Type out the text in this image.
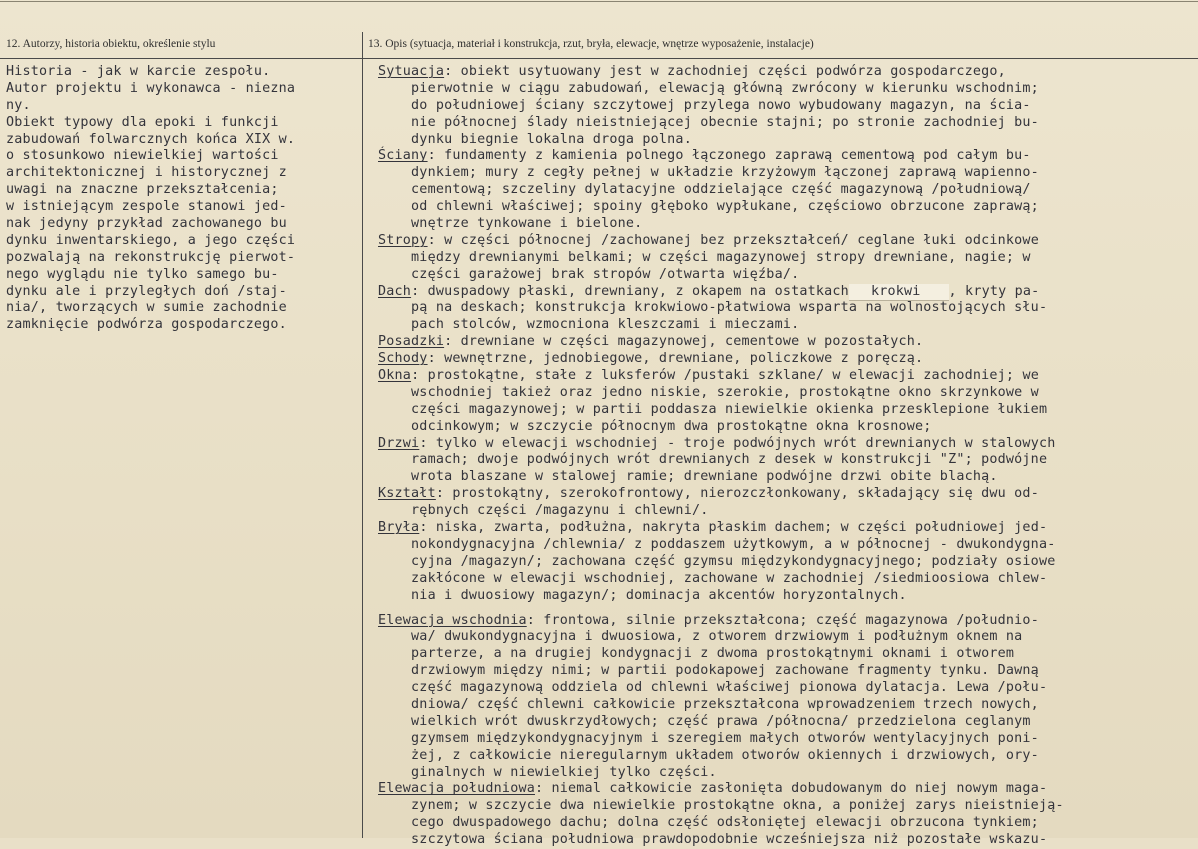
12. Autorzy, historia obiektu, określenie stylu	13. Opis (sytuacja, materiał i konstrukcja, rzut, bryła, elewacje, wnętrze wyposażenie, instalacje)
Historia - jak w karcie zespołu.
Autor projektu i wykonawca - niezna
ny.
Obiekt typowy dla epoki i funkcji
zabudowań folwarcznych końca XIX w.
o stosunkowo niewielkiej wartości
architektonicznej i historycznej z
uwagi na znaczne przekształcenia;
w istniejącym zespole stanowi jed-
nak jedyny przykład zachowanego bu
dynku inwentarskiego, a jego części
pozwalają na rekonstrukcję pierwot-
nego wyglądu nie tylko samego bu-
dynku ale i przyległych doń /staj-
nia/, tworzących w sumie zachodnie
zamknięcie podwórza gospodarczego.
Sytuacja: obiekt usytuowany jest w zachodniej części podwórza gospodarczego,
pierwotnie w ciągu zabudowań, elewacją główną zwrócony w kierunku wschodnim;
do południowej ściany szczytowej przylega nowo wybudowany magazyn, na ścia-
nie północnej ślady nieistniejącej obecnie stajni; po stronie zachodniej bu-
dynku biegnie lokalna droga polna.
Ściany: fundamenty z kamienia polnego łączonego zaprawą cementową pod całym bu-
dynkiem; mury z cegły pełnej w układzie krzyżowym łączonej zaprawą wapienno-
cementową; szczeliny dylatacyjne oddzielające część magazynową /południową/
od chlewni właściwej; spoiny głęboko wypłukane, częściowo obrzucone zaprawą;
wnętrze tynkowane i bielone.
Stropy: w części północnej /zachowanej bez przekształceń/ ceglane łuki odcinkowe
między drewnianymi belkami; w części magazynowej stropy drewniane, nagie; w
części garażowej brak stropów /otwarta więźba/.
Dach: dwuspadowy płaski, drewniany, z okapem na ostatkach krokwi , kryty pa-
pą na deskach; konstrukcja krokwiowo-płatwiowa wsparta na wolnostojących słu-
pach stolców, wzmocniona kleszczami i mieczami.
Posadzki: drewniane w części magazynowej, cementowe w pozostałych.
Schody: wewnętrzne, jednobiegowe, drewniane, policzkowe z poręczą.
Okna: prostokątne, stałe z luksferów /pustaki szklane/ w elewacji zachodniej; we
wschodniej takież oraz jedno niskie, szerokie, prostokątne okno skrzynkowe w
części magazynowej; w partii poddasza niewielkie okienka przesklepione łukiem
odcinkowym; w szczycie północnym dwa prostokątne okna krosnowe;
Drzwi: tylko w elewacji wschodniej - troje podwójnych wrót drewnianych w stalowych
ramach; dwoje podwójnych wrót drewnianych z desek w konstrukcji "Z"; podwójne
wrota blaszane w stalowej ramie; drewniane podwójne drzwi obite blachą.
Kształt: prostokątny, szerokofrontowy, nierozczłonkowany, składający się dwu od-
rębnych części /magazynu i chlewni/.
Bryła: niska, zwarta, podłużna, nakryta płaskim dachem; w części południowej jed-
nokondygnacyjna /chlewnia/ z poddaszem użytkowym, a w północnej - dwukondygna-
cyjna /magazyn/; zachowana część gzymsu międzykondygnacyjnego; podziały osiowe
zakłócone w elewacji wschodniej, zachowane w zachodniej /siedmioosiowa chlew-
nia i dwuosiowy magazyn/; dominacja akcentów horyzontalnych.
Elewacja wschodnia: frontowa, silnie przekształcona; część magazynowa /południo-
wa/ dwukondygnacyjna i dwuosiowa, z otworem drzwiowym i podłużnym oknem na
parterze, a na drugiej kondygnacji z dwoma prostokątnymi oknami i otworem
drzwiowym między nimi; w partii podokapowej zachowane fragmenty tynku. Dawną
część magazynową oddziela od chlewni właściwej pionowa dylatacja. Lewa /połu-
dniowa/ część chlewni całkowicie przekształcona wprowadzeniem trzech nowych,
wielkich wrót dwuskrzydłowych; część prawa /północna/ przedzielona ceglanym
gzymsem międzykondygnacyjnym i szeregiem małych otworów wentylacyjnych poni-
żej, z całkowicie nieregularnym układem otworów okiennych i drzwiowych, ory-
ginalnych w niewielkiej tylko części.
Elewacja południowa: niemal całkowicie zasłonięta dobudowanym do niej nowym maga-
zynem; w szczycie dwa niewielkie prostokątne okna, a poniżej zarys nieistnieją-
cego dwuspadowego dachu; dolna część odsłoniętej elewacji obrzucona tynkiem;
szczytowa ściana południowa prawdopodobnie wcześniejsza niż pozostałe wskazu-
